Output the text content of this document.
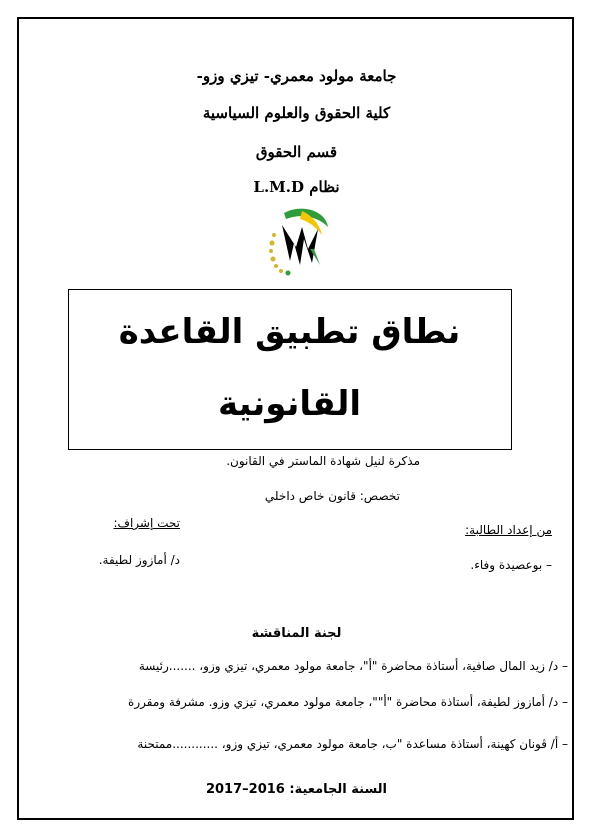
جامعة مولود معمري- تيزي وزو-
كلية الحقوق والعلوم السياسية
قسم الحقوق
نظام L.M.D
نطاق تطبيق القاعدة
القانونية
مذكرة لنيل شهادة الماستر في القانون.
تخصص: قانون خاص داخلي
من إعداد الطالبة:
– بوعصيدة وفاء.
تحت إشراف:
د/ أمازوز لطيفة.
لجنة المناقشة
– د/ زيد المال صافية، أستاذة محاضرة "أ"، جامعة مولود معمري، تيزي وزو، .......رئيسة
– د/ أمازوز لطيفة، أستاذة محاضرة "أ""، جامعة مولود معمري، تيزي وزو. مشرفة ومقررة
– أ/ ڨونان كهينة، أستاذة مساعدة "ب، جامعة مولود معمري، تيزي وزو، ............ممتحنة
السنة الجامعية: 2016–2017
